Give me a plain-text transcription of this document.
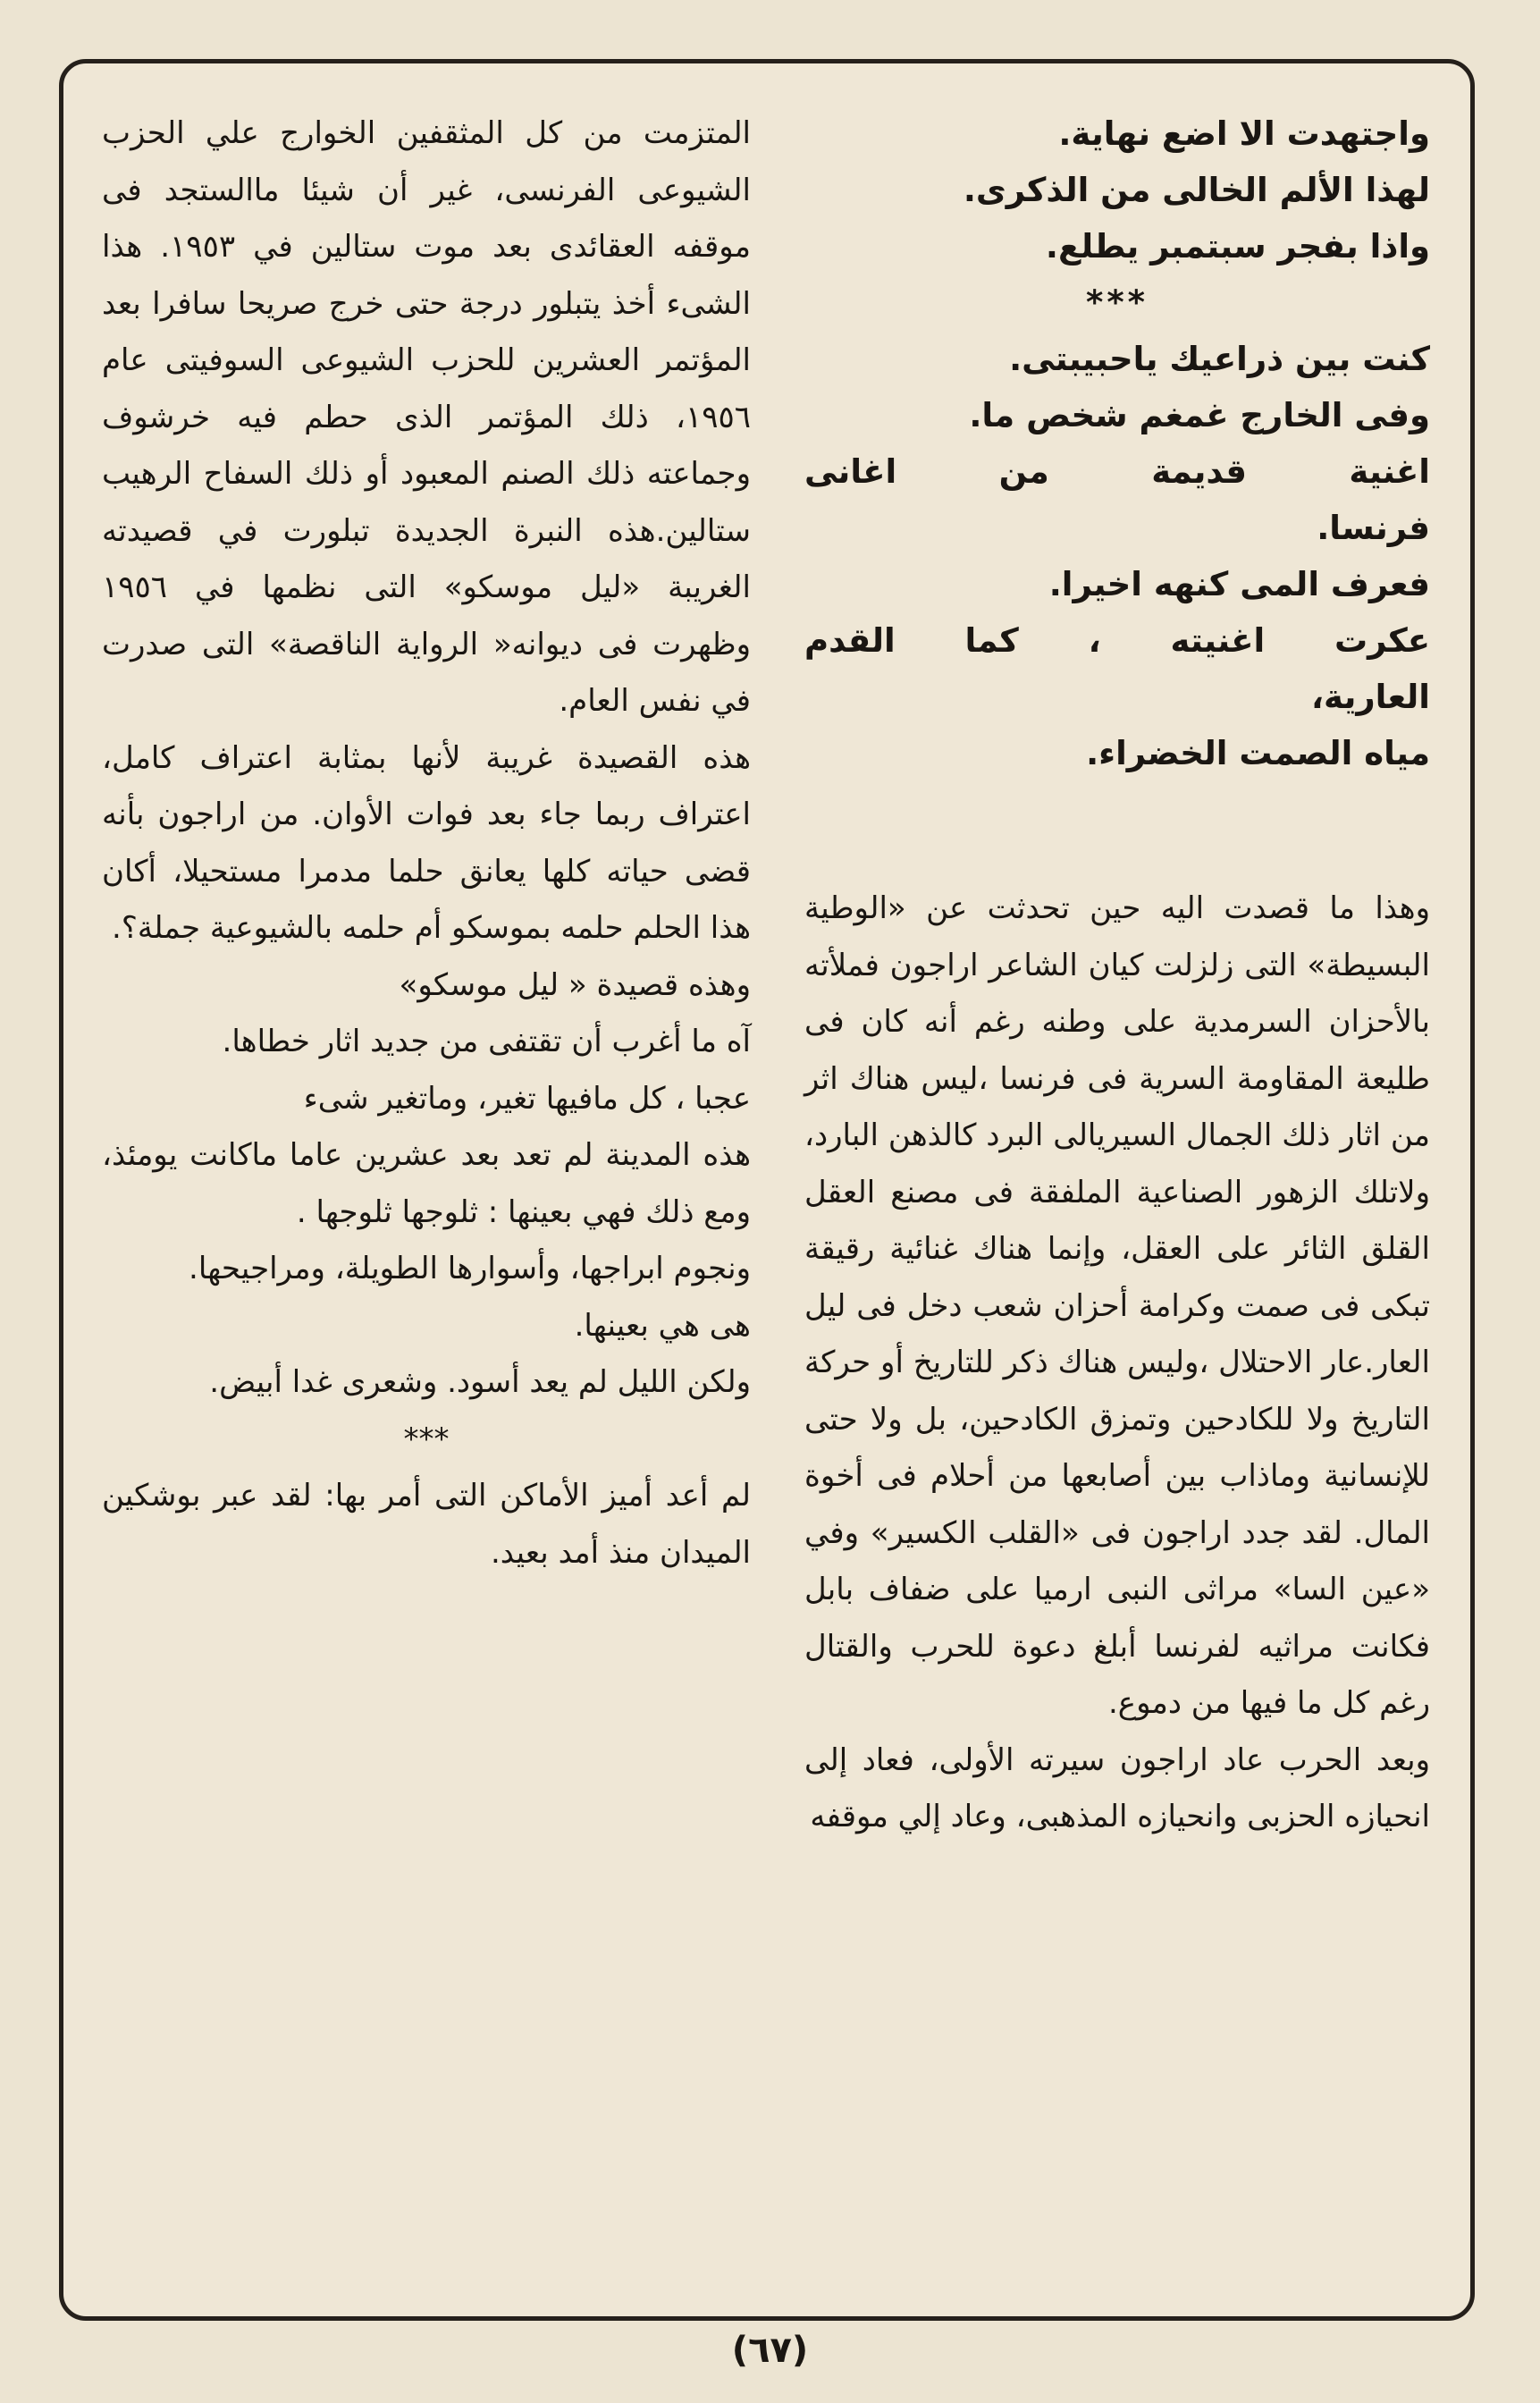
واجتهدت الا اضع نهاية.

لهذا الألم الخالى من الذكرى.

واذا بفجر سبتمبر يطلع.

***

كنت بين ذراعيك ياحبيبتى.

وفى الخارج غمغم شخص ما.

اغنية قديمة من اغانى

فرنسا.

فعرف المى كنهه اخيرا.

عكرت اغنيته ، كما القدم

العارية،

مياه الصمت الخضراء.

وهذا ما قصدت اليه حين تحدثت عن «الوطية البسيطة» التى زلزلت كيان الشاعر اراجون فملأته بالأحزان السرمدية على وطنه رغم أنه كان فى طليعة المقاومة السرية فى فرنسا ،ليس هناك اثر من اثار ذلك الجمال السيريالى البرد كالذهن البارد، ولاتلك الزهور الصناعية الملفقة فى مصنع العقل القلق الثائر على العقل، وإنما هناك غنائية رقيقة تبكى فى صمت وكرامة أحزان شعب دخل فى ليل العار.عار الاحتلال ،وليس هناك ذكر للتاريخ أو حركة التاريخ ولا للكادحين وتمزق الكادحين، بل ولا حتى للإنسانية وماذاب بين أصابعها من أحلام فى أخوة المال. لقد جدد اراجون فى «القلب الكسير» وفي «عين السا» مراثى النبى ارميا على ضفاف بابل فكانت مراثيه لفرنسا أبلغ دعوة للحرب والقتال رغم كل ما فيها من دموع.

وبعد الحرب عاد اراجون سيرته الأولى، فعاد إلى انحيازه الحزبى وانحيازه المذهبى، وعاد إلي موقفه

المتزمت من كل المثقفين الخوارج علي الحزب الشيوعى الفرنسى، غير أن شيئا ماالستجد فى موقفه العقائدى بعد موت ستالين في ١٩٥٣. هذا الشىء أخذ يتبلور درجة حتى خرج صريحا سافرا بعد المؤتمر العشرين للحزب الشيوعى السوفيتى عام ١٩٥٦، ذلك المؤتمر الذى حطم فيه خرشوف وجماعته ذلك الصنم المعبود أو ذلك السفاح الرهيب ستالين.هذه النبرة الجديدة تبلورت في قصيدته الغريبة «ليل موسكو» التى نظمها في ١٩٥٦ وظهرت فى ديوانه« الرواية الناقصة» التى صدرت في نفس العام.

هذه القصيدة غريبة لأنها بمثابة اعتراف كامل، اعتراف ربما جاء بعد فوات الأوان. من اراجون بأنه قضى حياته كلها يعانق حلما مدمرا مستحيلا، أكان هذا الحلم حلمه بموسكو أم حلمه بالشيوعية جملة؟.

وهذه قصيدة « ليل موسكو»

آه ما أغرب أن تقتفى من جديد اثار خطاها.

عجبا ، كل مافيها تغير، وماتغير شىء

هذه المدينة لم تعد بعد عشرين عاما ماكانت يومئذ، ومع ذلك فهي بعينها : ثلوجها ثلوجها .

ونجوم ابراجها، وأسوارها الطويلة، ومراجيحها.

هى هي بعينها.

ولكن الليل لم يعد أسود. وشعرى غدا أبيض.

***

لم أعد أميز الأماكن التى أمر بها: لقد عبر بوشكين الميدان منذ أمد بعيد.

(٦٧)
